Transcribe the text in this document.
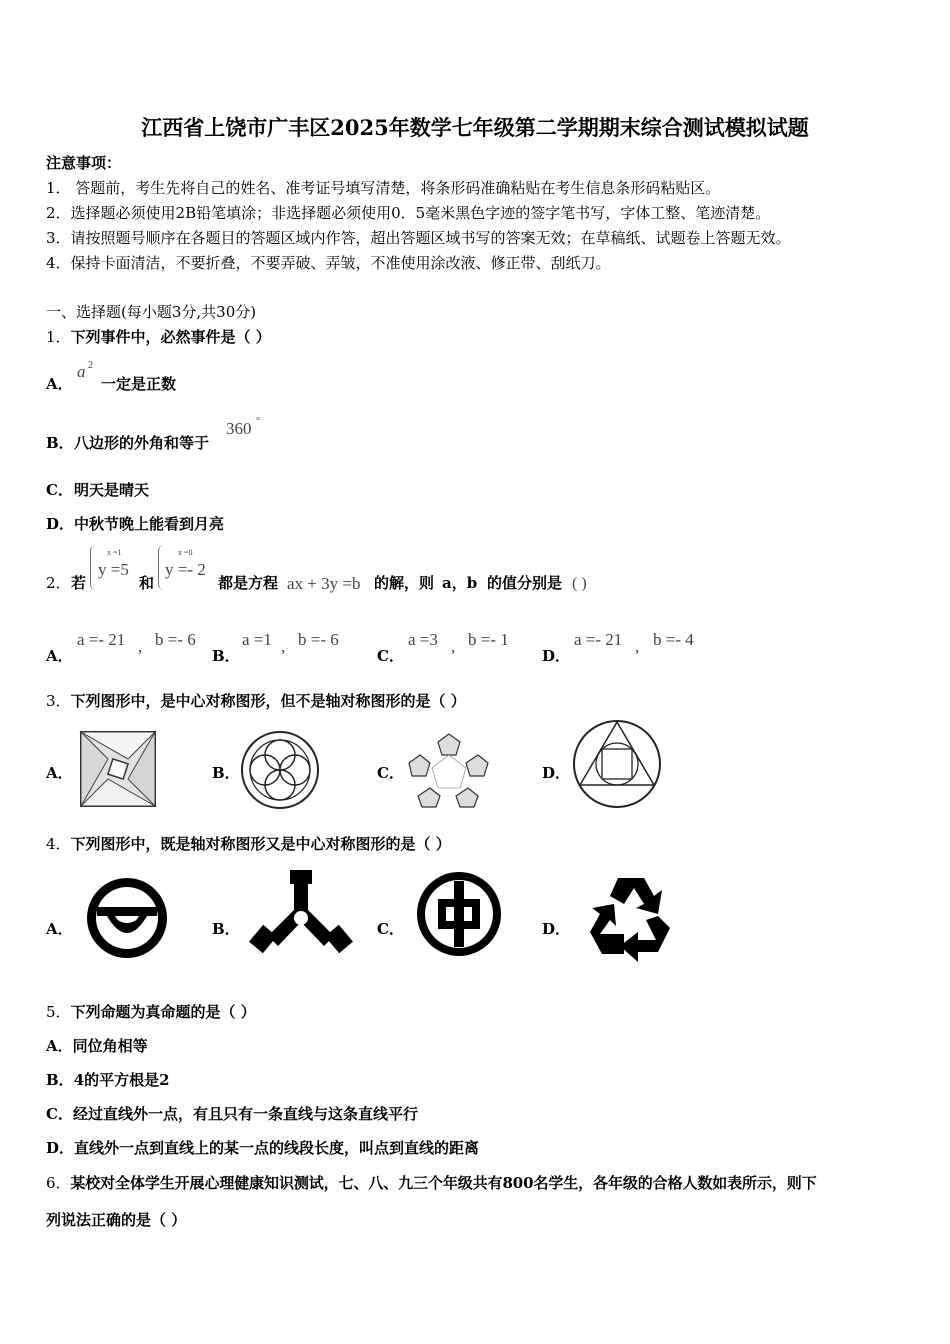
江西省上饶市广丰区2025年数学七年级第二学期期末综合测试模拟试题
注意事项：
1． 答题前，考生先将自己的姓名、准考证号填写清楚，将条形码准确粘贴在考生信息条形码粘贴区。
2．选择题必须使用2B铅笔填涂；非选择题必须使用0．5毫米黑色字迹的签字笔书写，字体工整、笔迹清楚。
3．请按照题号顺序在各题目的答题区域内作答，超出答题区域书写的答案无效；在草稿纸、试题卷上答题无效。
4．保持卡面清洁，不要折叠，不要弄破、弄皱，不准使用涂改液、修正带、刮纸刀。
一、选择题(每小题3分,共30分)
1．下列事件中，必然事件是（ ）
A．
a 2
一定是正数
B． 八边形的外角和等于
360 °
C． 明天是晴天
D． 中秋节晚上能看到月亮
2． 若
x =1
y =5
和
x =0
y =- 2
都是方程 ax + 3y =b 的解，则 a，b 的值分别是 ( )
A．
a =- 21 , b =- 6
B．
a =1 , b =- 6
C．
a =3 , b =- 1
D．
a =- 21 , b =- 4
3．下列图形中，是中心对称图形，但不是轴对称图形的是（ ）
A．	B．	C．	D．
4．下列图形中，既是轴对称图形又是中心对称图形的是（ ）
A．	B．	C．	D．
5．下列命题为真命题的是（ ）
A．同位角相等
B．4的平方根是2
C．经过直线外一点，有且只有一条直线与这条直线平行
D．直线外一点到直线上的某一点的线段长度，叫点到直线的距离
6．某校对全体学生开展心理健康知识测试，七、八、九三个年级共有800名学生，各年级的合格人数如表所示，则下
列说法正确的是（ ）
